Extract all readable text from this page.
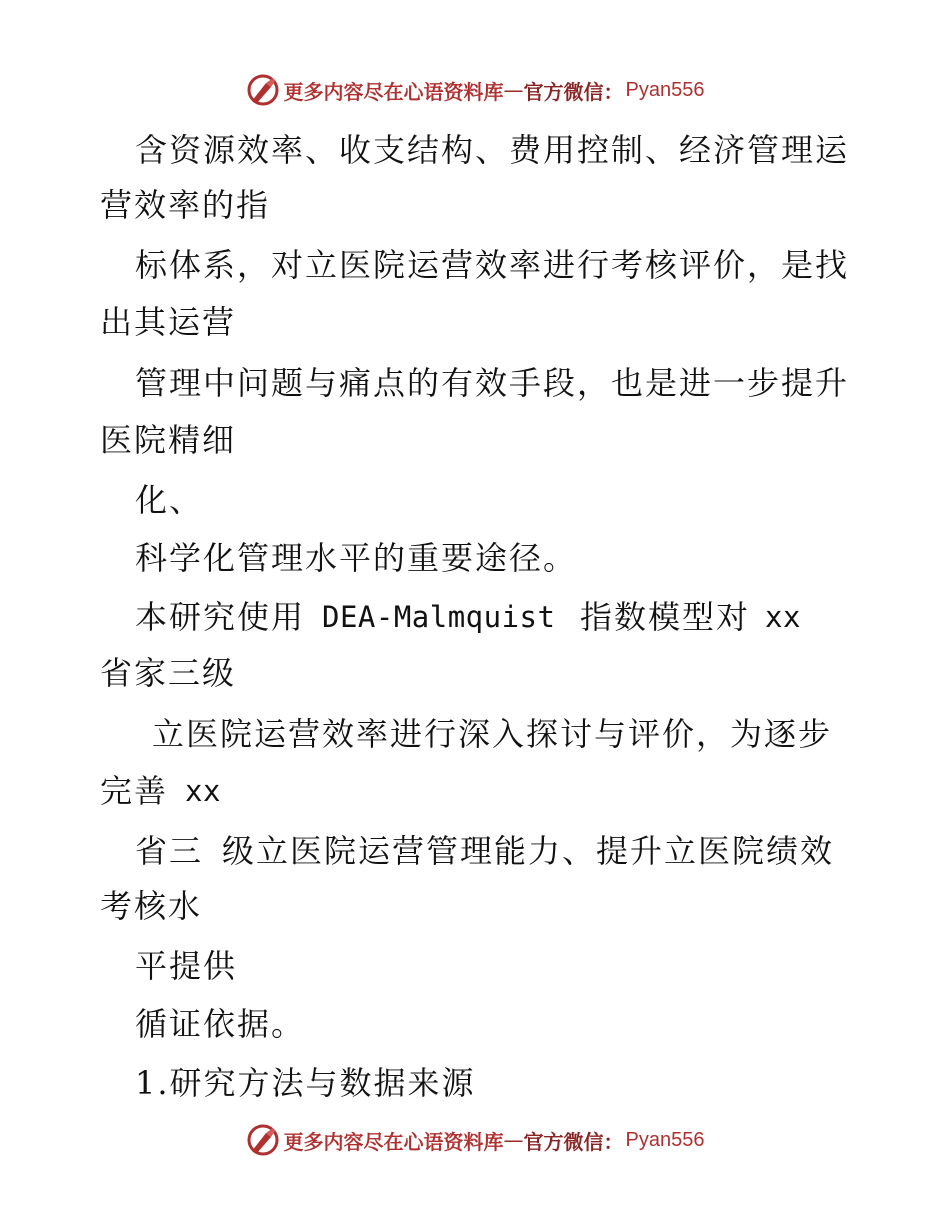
更多内容尽在心语资料库 — 官方微信： Pyan556
含资源效率、收支结构、费用控制、经济管理运
营效率的指
标体系，对立医院运营效率进行考核评价，是找
出其运营
管理中问题与痛点的有效手段，也是进一步提升
医院精细
化、
科学化管理水平的重要途径。
本研究使用 DEA-Malmquist 指数模型对 xx
省家三级
立医院运营效率进行深入探讨与评价，为逐步
完善 xx
省三 级立医院运营管理能力、提升立医院绩效
考核水
平提供
循证依据。
1.研究方法与数据来源
更多内容尽在心语资料库 — 官方微信： Pyan556
